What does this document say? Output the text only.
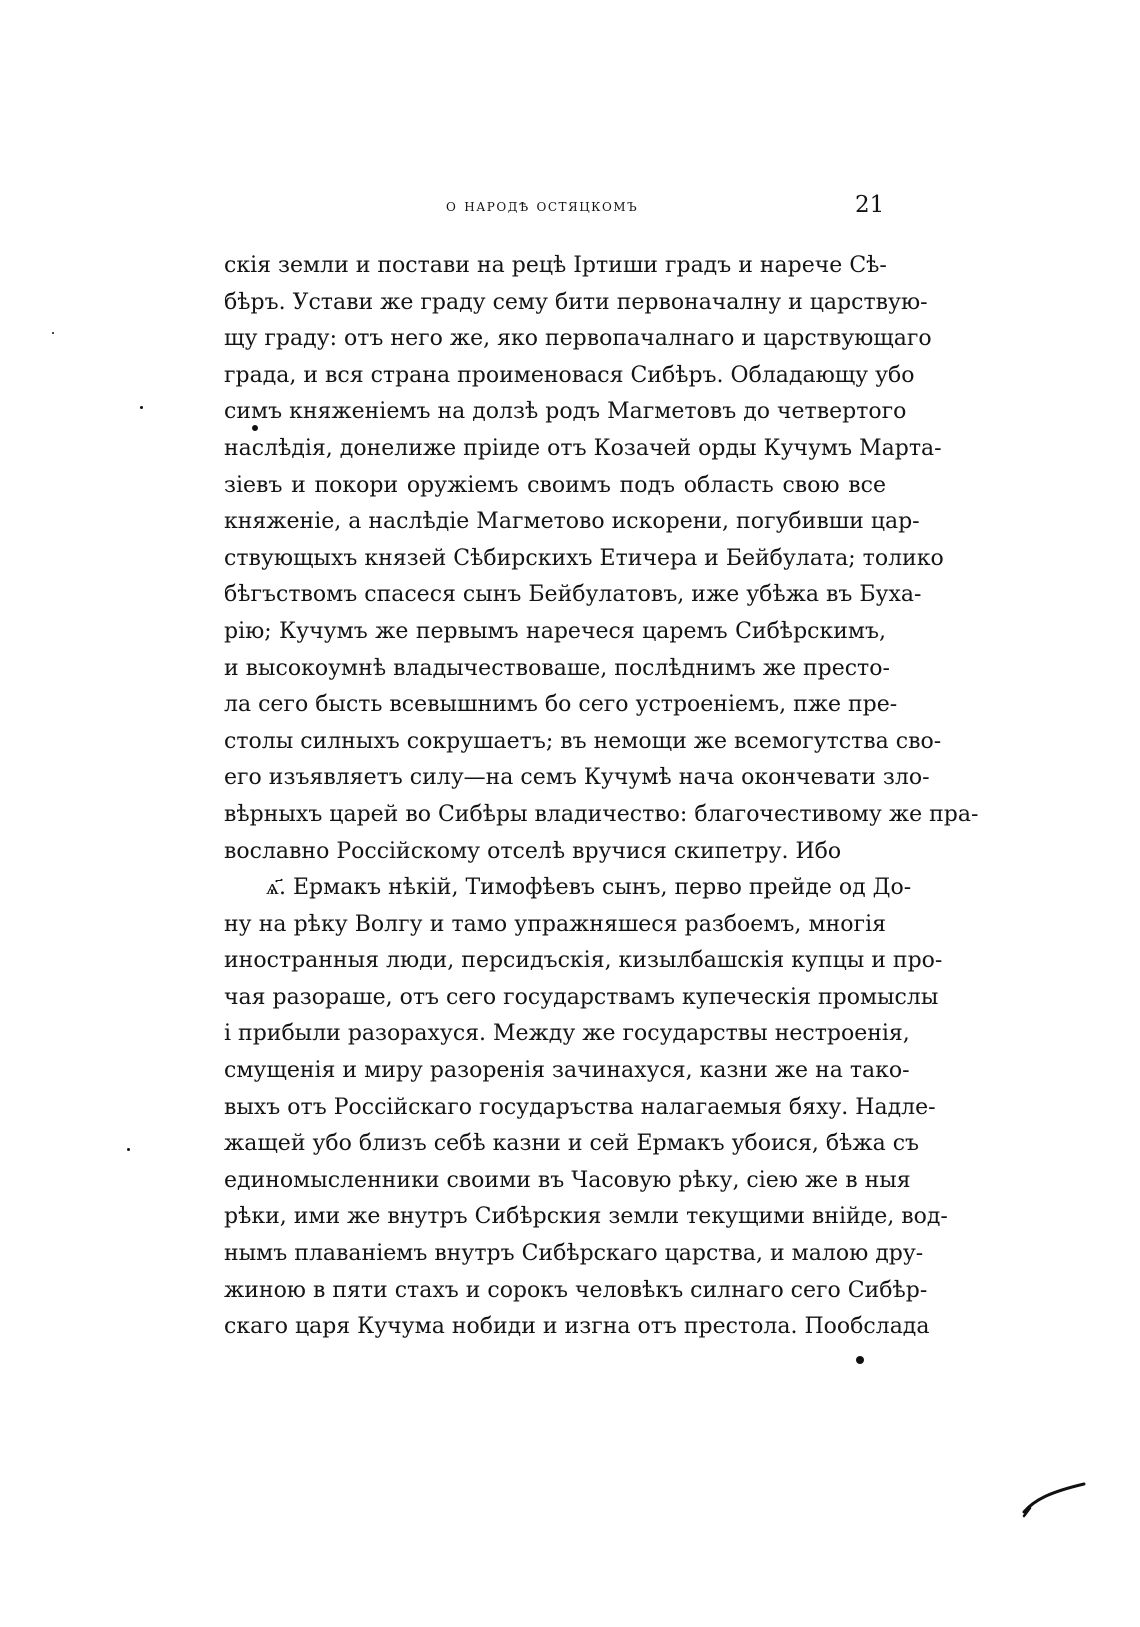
о народѣ остяцкомъ	21
скія земли и постави на рецѣ Іртиши градъ и нарече Сѣ-
бѣръ. Устави же граду сему бити первоначалну и царствую-
щу граду: отъ него же, яко первопачалнаго и царствующаго
града, и вся страна проименовася Сибѣръ. Обладающу убо
симъ княженіемъ на долзѣ родъ Магметовъ до четвертого
наслѣдія, донелиже пріиде отъ Козачей орды Кучумъ Марта-
зіевъ и покори оружіемъ своимъ подъ область свою все
княженіе, а наслѣдіе Магметово искорени, погубивши цар-
ствующыхъ князей Сѣбирскихъ Етичера и Бейбулата; толико
бѣгъствомъ спасеся сынъ Бейбулатовъ, иже убѣжа въ Буха-
рію; Кучумъ же первымъ наречеся царемъ Сибѣрскимъ,
и высокоумнѣ владычествоваше, послѣднимъ же престо-
ла сего бысть всевышнимъ бо сего устроеніемъ, пже пре-
столы силныхъ сокрушаетъ; въ немощи же всемогутства сво-
его изъявляетъ силу—на семъ Кучумѣ нача окончевати зло-
вѣрныхъ царей во Сибѣры владичество: благочестивому же пра-
вославно Россійскому отселѣ вручися скипетру. Ибо
ѧ҃. Ермакъ нѣкій, Тимофѣевъ сынъ, перво прейде од До-
ну на рѣку Волгу и тамо упражняшеся разбоемъ, многія
иностранныя люди, персидъскія, кизылбашскія купцы и про-
чая разораше, отъ сего государствамъ купеческія промыслы
і прибыли разорахуся. Между же государствы нестроенія,
смущенія и миру разоренія зачинахуся, казни же на тако-
выхъ отъ Россійскаго государъства налагаемыя бяху. Надле-
жащей убо близъ себѣ казни и сей Ермакъ убоися, бѣжа съ
единомысленники своими въ Часовую рѣку, сіею же в ныя
рѣки, ими же внутръ Сибѣрския земли текущими внійде, вод-
нымъ плаваніемъ внутръ Сибѣрскаго царства, и малою дру-
жиною в пяти стахъ и сорокъ человѣкъ силнаго сего Сибѣр-
скаго царя Кучума нобиди и изгна отъ престола. Пообслада
